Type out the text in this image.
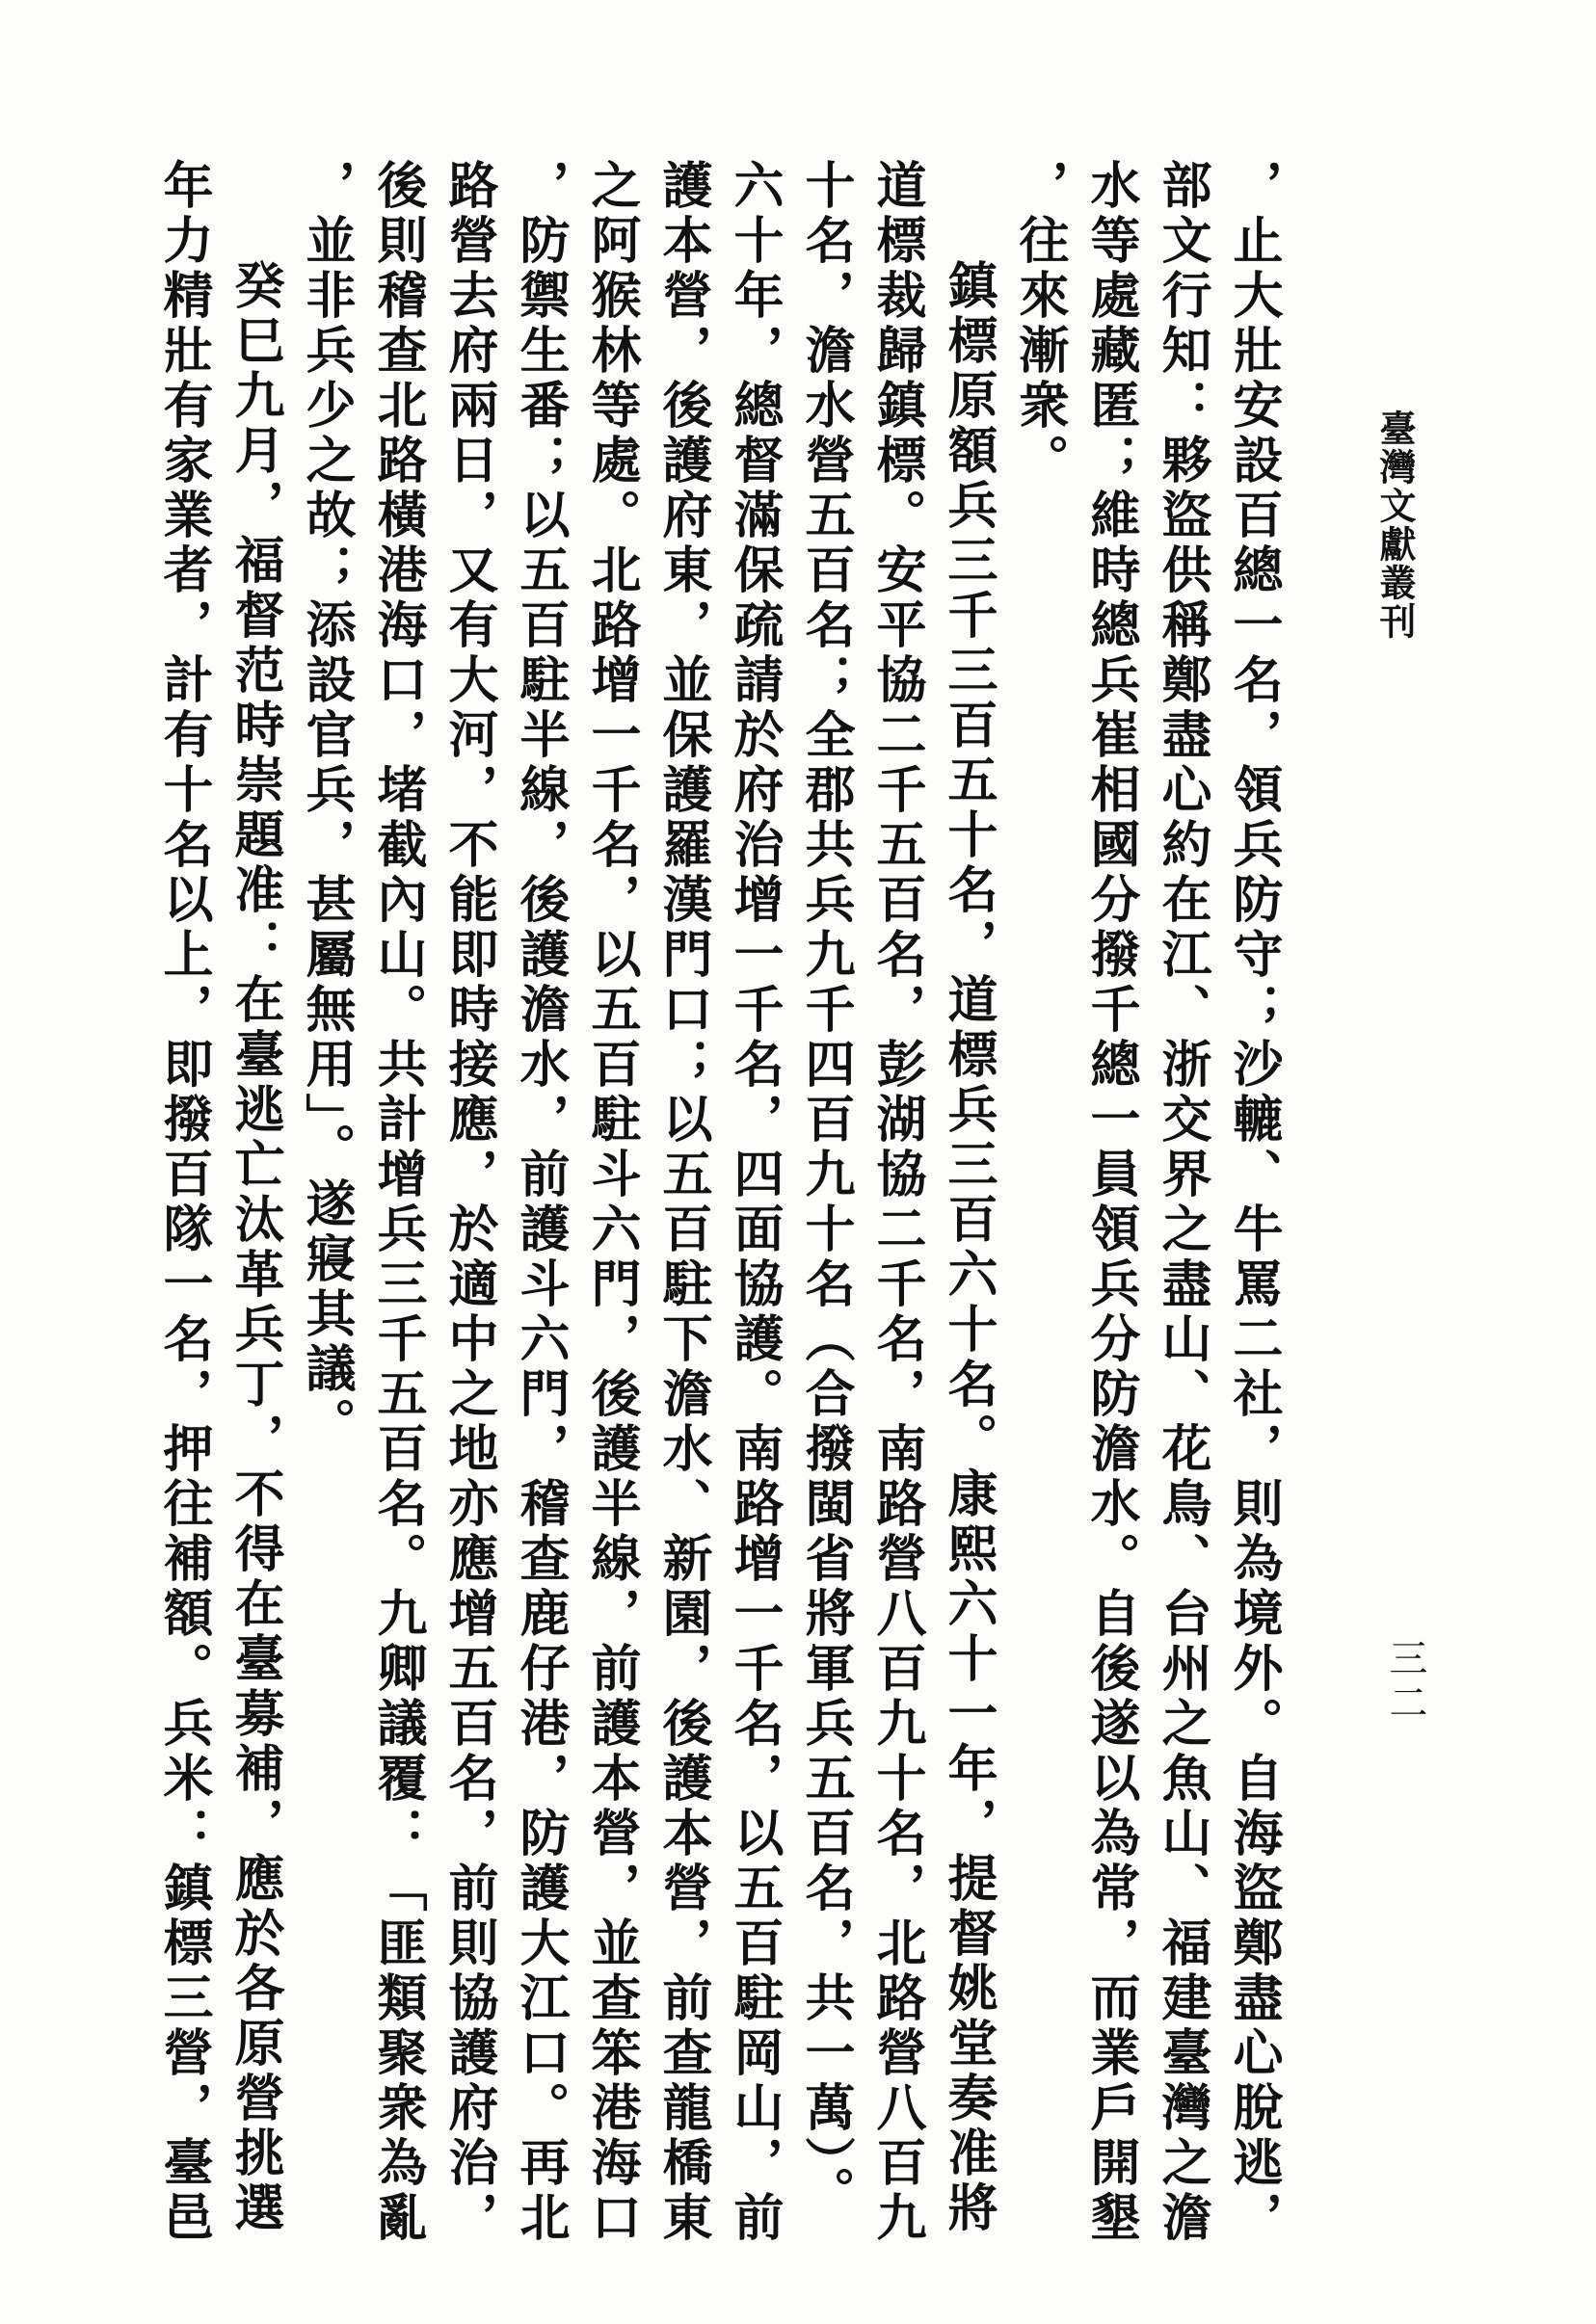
臺灣文獻叢刊
三二
，止大壯安設百總一名，領兵防守；沙轆、牛罵二社，則為境外。自海盜鄭盡心脫逃，
部文行知：夥盜供稱鄭盡心約在江、浙交界之盡山、花鳥、台州之魚山、福建臺灣之澹
水等處藏匿；維時總兵崔相國分撥千總一員領兵分防澹水。自後遂以為常，而業戶開墾
，往來漸衆。
鎮標原額兵三千三百五十名，道標兵三百六十名。康熙六十一年，提督姚堂奏准將
道標裁歸鎮標。安平協二千五百名，彭湖協二千名，南路營八百九十名，北路營八百九
十名，澹水營五百名；全郡共兵九千四百九十名（合撥閩省將軍兵五百名，共一萬）。
六十年，總督滿保疏請於府治增一千名，四面協護。南路增一千名，以五百駐岡山，前
護本營，後護府東，並保護羅漢門口；以五百駐下澹水、新園，後護本營，前查龍橋東
之阿猴林等處。北路增一千名，以五百駐斗六門，後護半線，前護本營，並查笨港海口
，防禦生番；以五百駐半線，後護澹水，前護斗六門，稽查鹿仔港，防護大江口。再北
路營去府兩日，又有大河，不能即時接應，於適中之地亦應增五百名，前則協護府治，
後則稽查北路橫港海口，堵截內山。共計增兵三千五百名。九卿議覆：「匪類聚衆為亂
，並非兵少之故；添設官兵，甚屬無用」。遂寢其議。
癸巳九月，福督范時崇題准：在臺逃亡汰革兵丁，不得在臺募補，應於各原營挑選
年力精壯有家業者，計有十名以上，即撥百隊一名，押往補額。兵米：鎮標三營，臺邑
